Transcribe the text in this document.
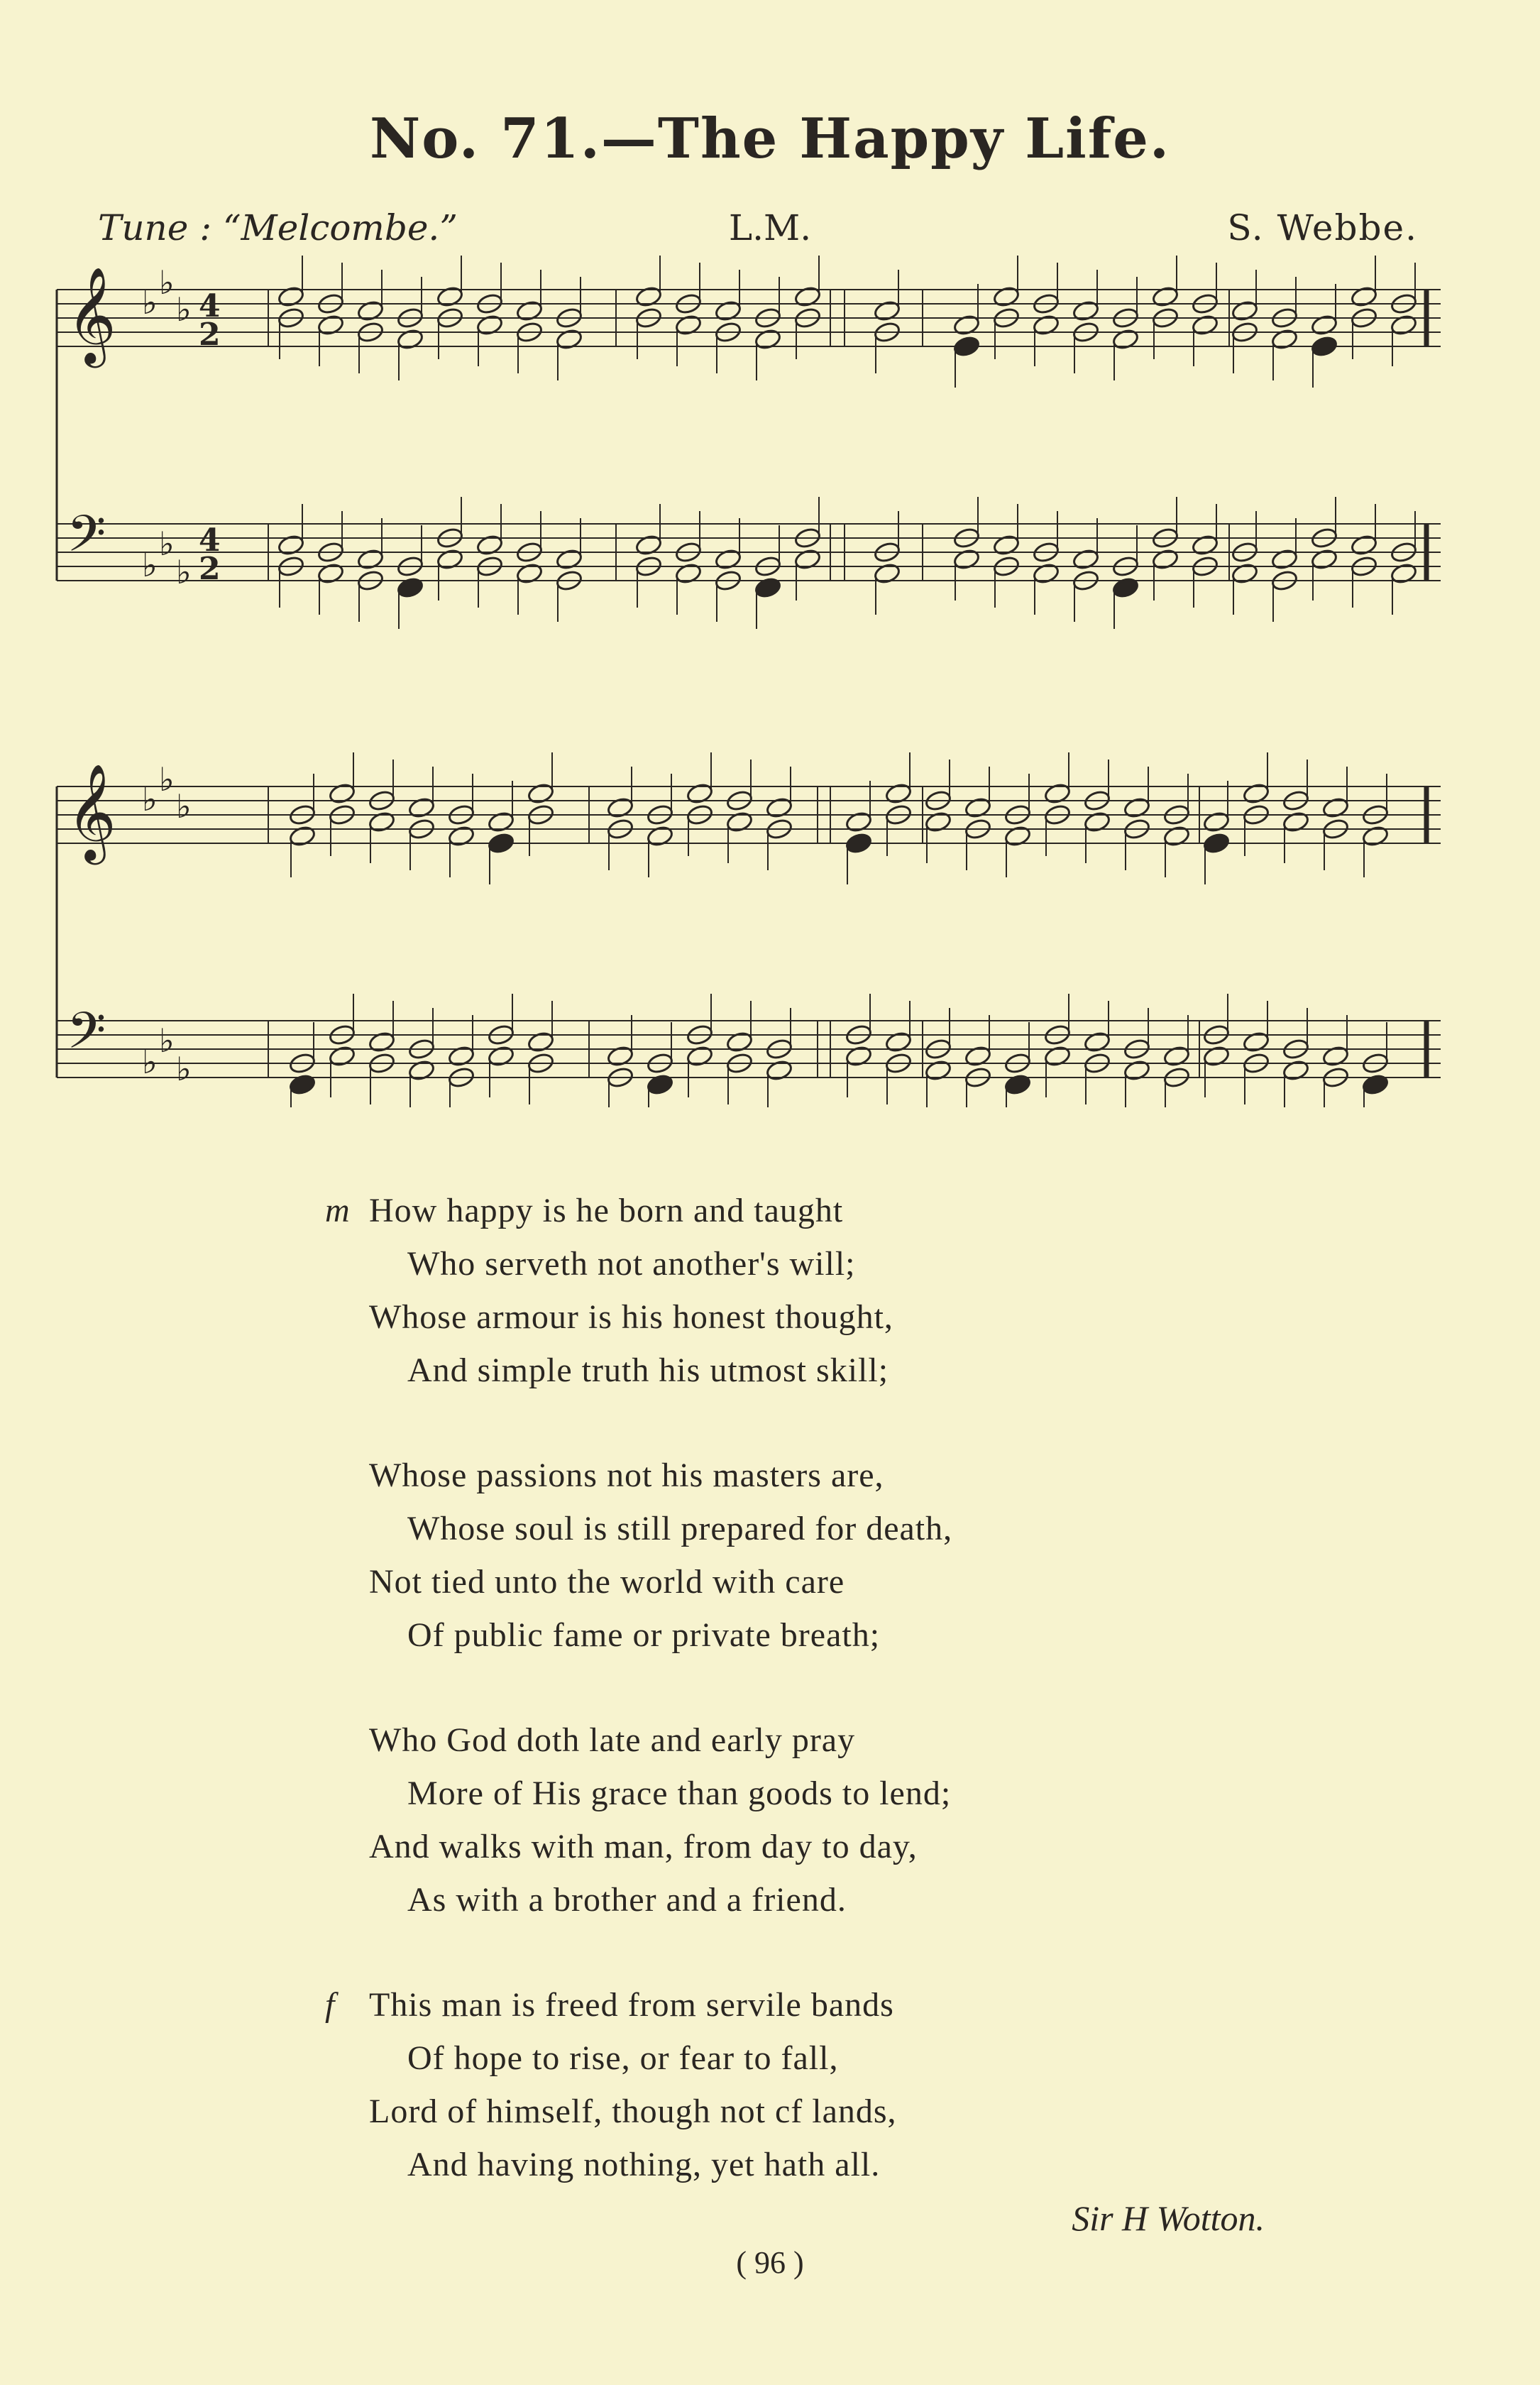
No. 71.—The Happy Life.
Tune : “Melcombe.”	L.M.	S. Webbe.
𝄞 ♭
♭
♭ 4
2
𝄢 ♭
♭
♭
4
2
𝄞 ♭
♭
♭
𝄢 ♭
♭
♭
m How happy is he born and taught
Who serveth not another's will;
Whose armour is his honest thought,
And simple truth his utmost skill;
Whose passions not his masters are,
Whose soul is still prepared for death,
Not tied unto the world with care
Of public fame or private breath;
Who God doth late and early pray
More of His grace than goods to lend;
And walks with man, from day to day,
As with a brother and a friend.
f This man is freed from servile bands
Of hope to rise, or fear to fall,
Lord of himself, though not cf lands,
And having nothing, yet hath all.
Sir H Wotton.
( 96 )
